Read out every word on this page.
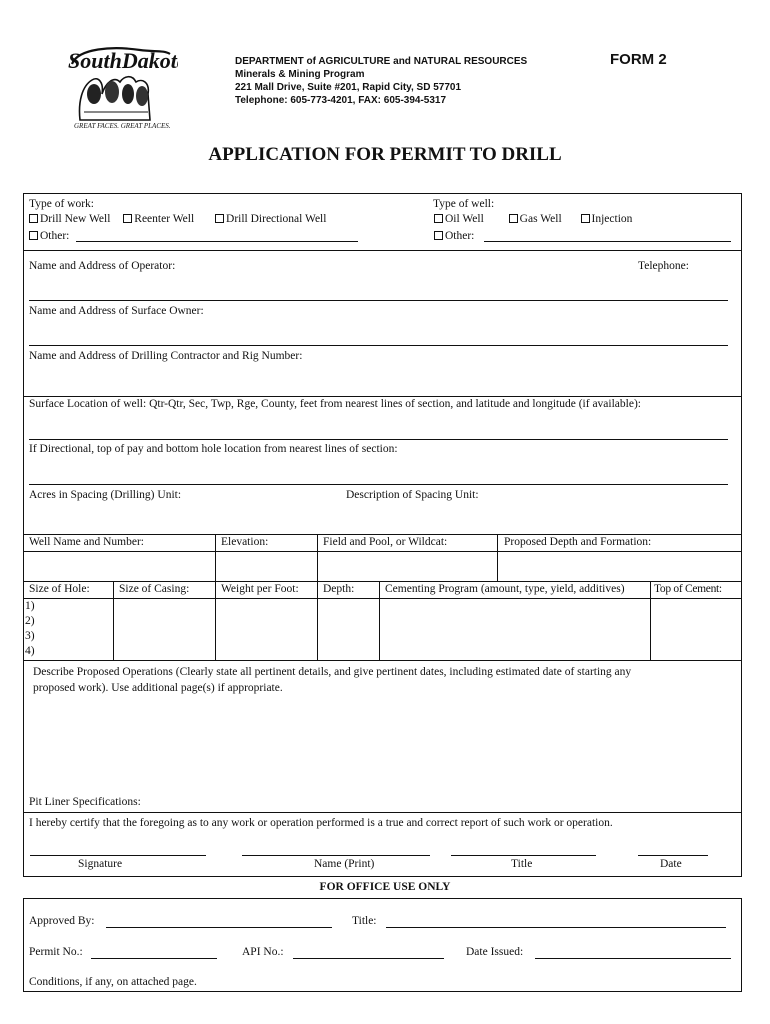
SouthDakota
GREAT FACES. GREAT PLACES.
DEPARTMENT of AGRICULTURE and NATURAL RESOURCES
Minerals & Mining Program
221 Mall Drive, Suite #201, Rapid City, SD 57701
Telephone: 605-773-4201, FAX: 605-394-5317
FORM 2
APPLICATION FOR PERMIT TO DRILL
Type of work:
Drill New Well Reenter Well	Drill Directional Well
Other:
Type of well:
Oil Well	Gas Well	Injection
Other:
Name and Address of Operator:	Telephone:
Name and Address of Surface Owner:
Name and Address of Drilling Contractor and Rig Number:
Surface Location of well: Qtr-Qtr, Sec, Twp, Rge, County, feet from nearest lines of section, and latitude and longitude (if available):
If Directional, top of pay and bottom hole location from nearest lines of section:
Acres in Spacing (Drilling) Unit:	Description of Spacing Unit:
Well Name and Number:	Elevation:	Field and Pool, or Wildcat:	Proposed Depth and Formation:
Size of Hole:	Size of Casing:	Weight per Foot: Depth:	Cementing Program (amount, type, yield, additives)	Top of Cement:
1)
2)
3)
4)
Describe Proposed Operations (Clearly state all pertinent details, and give pertinent dates, including estimated date of starting any
proposed work). Use additional page(s) if appropriate.
Pit Liner Specifications:
I hereby certify that the foregoing as to any work or operation performed is a true and correct report of such work or operation.
Signature	Name (Print)	Title	Date
FOR OFFICE USE ONLY
Approved By:	Title:
Permit No.:	API No.:	Date Issued:
Conditions, if any, on attached page.
